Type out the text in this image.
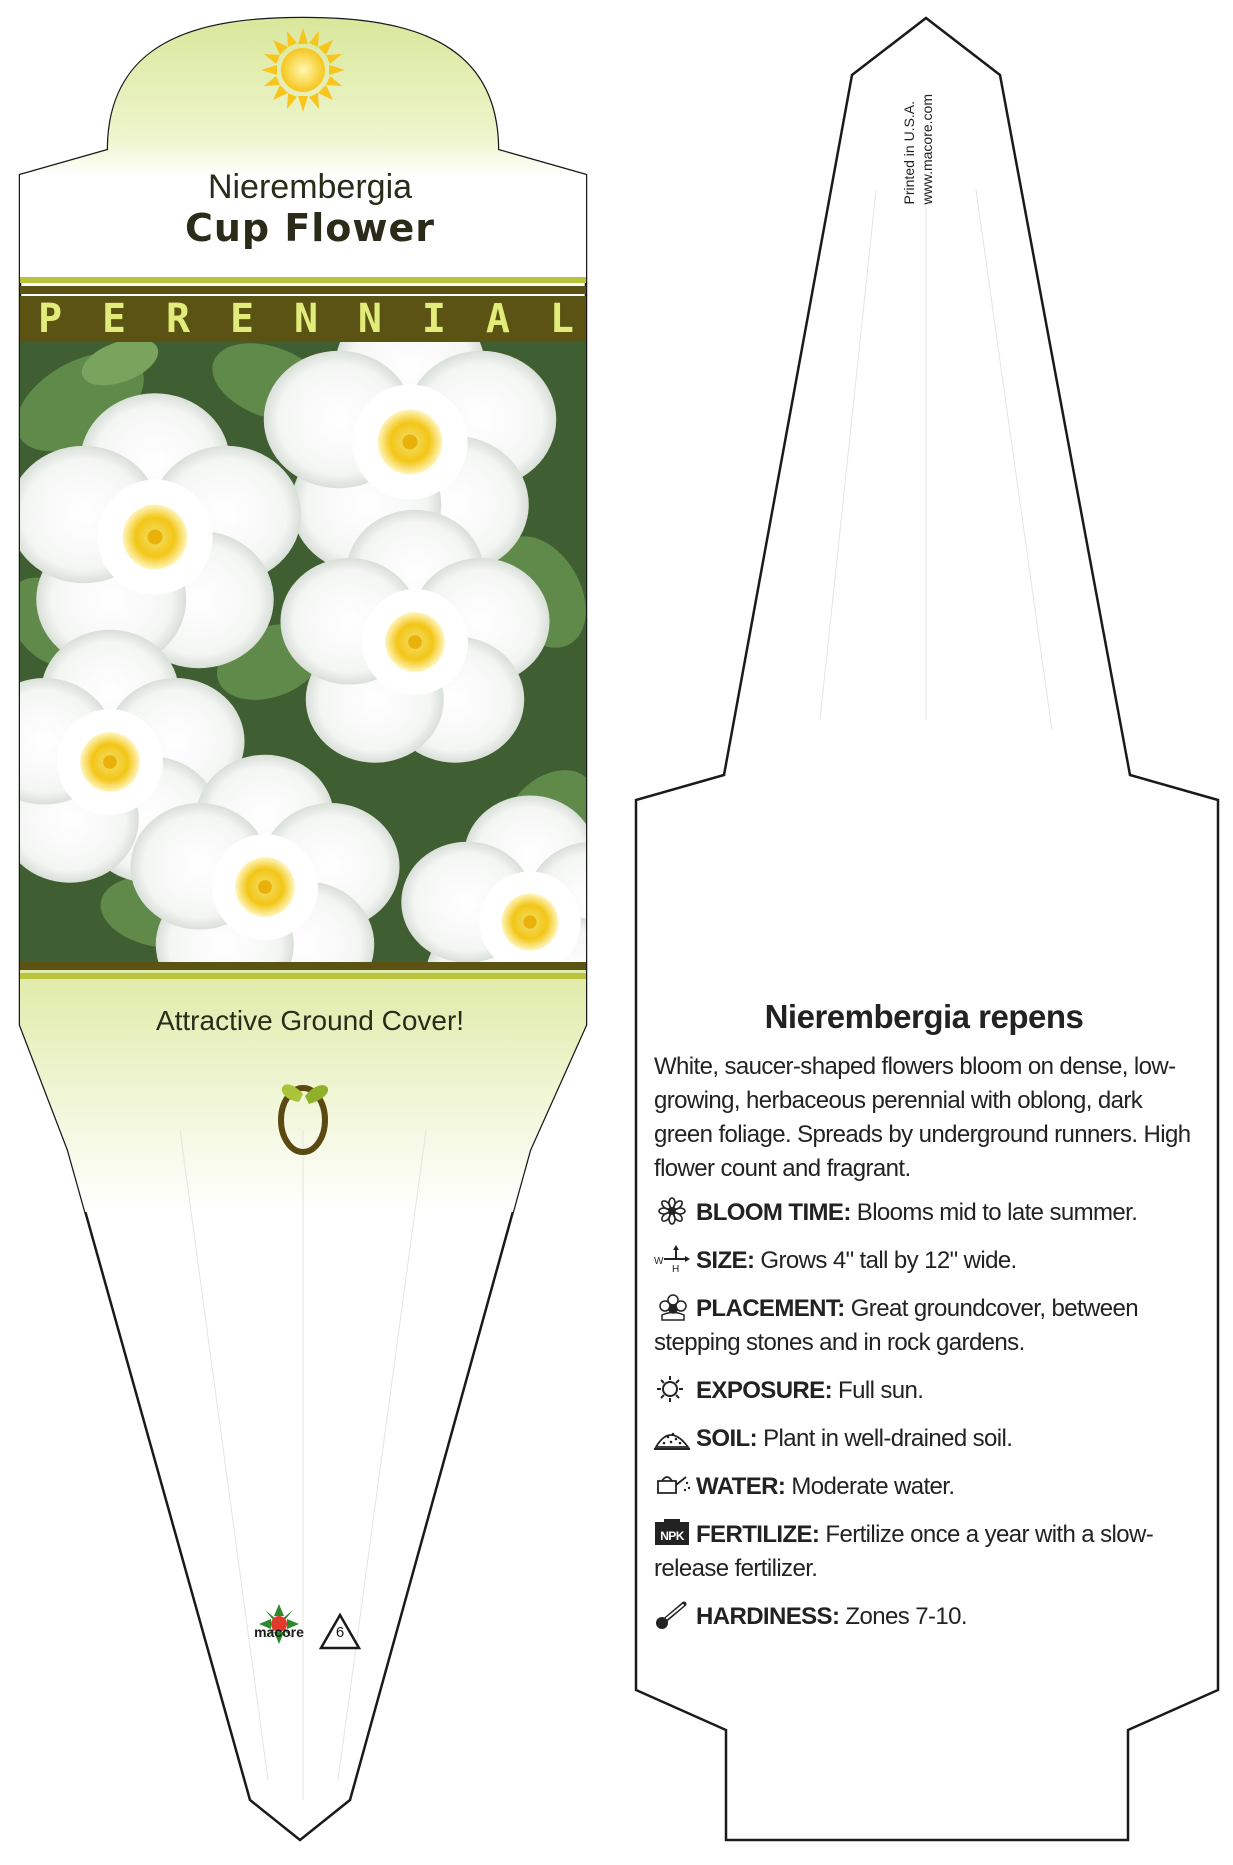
Nierembergia
Cup Flower
P E R E N N I A L
Attractive Ground Cover!
macore	6
Printed in U.S.A. www.macore.com
Nierembergia repens

White, saucer-shaped flowers bloom on dense, low-growing, herbaceous perennial with oblong, dark green foliage. Spreads by underground runners. High flower count and fragrant.

BLOOM TIME: Blooms mid to late summer.

W
H SIZE: Grows 4" tall by 12" wide.

PLACEMENT: Great groundcover, between stepping stones and in rock gardens.

EXPOSURE: Full sun.

SOIL: Plant in well-drained soil.

WATER: Moderate water.

NPK FERTILIZE: Fertilize once a year with a slow-release fertilizer.

HARDINESS: Zones 7-10.
